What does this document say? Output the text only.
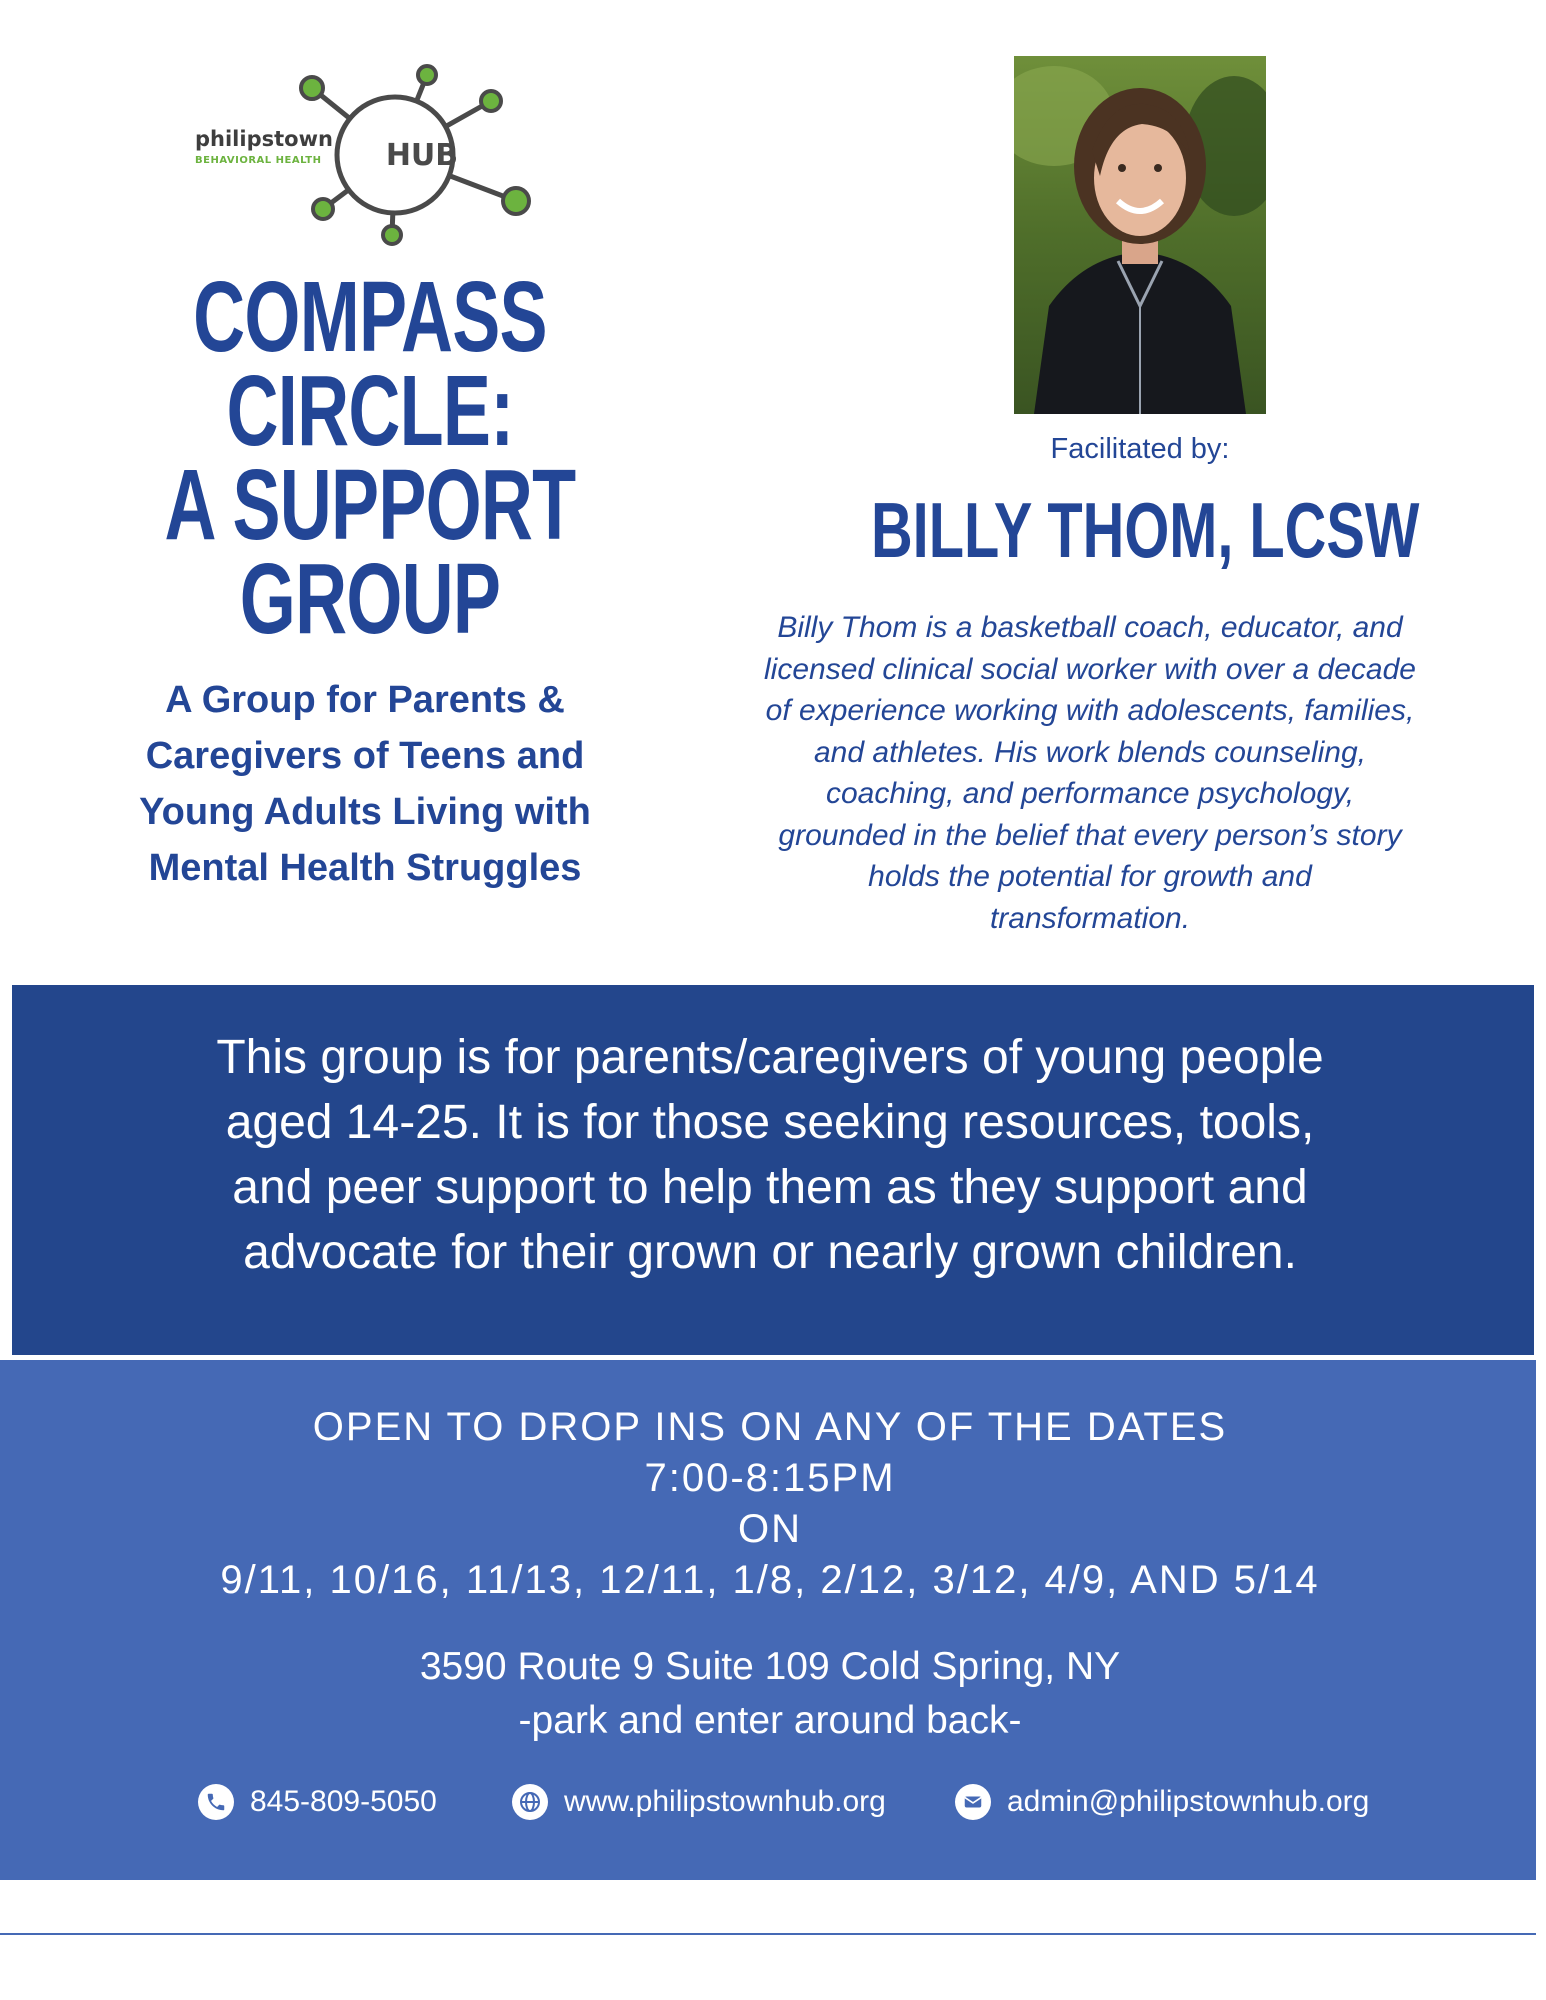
philipstown
BEHAVIORAL HEALTH	HUB
COMPASS
CIRCLE:
A SUPPORT
GROUP
A Group for Parents &
Caregivers of Teens and
Young Adults Living with
Mental Health Struggles
Facilitated by:
BILLY THOM, LCSW
Billy Thom is a basketball coach, educator, and
licensed clinical social worker with over a decade
of experience working with adolescents, families,
and athletes. His work blends counseling,
coaching, and performance psychology,
grounded in the belief that every person’s story
holds the potential for growth and
transformation.
This group is for parents/caregivers of young people
aged 14-25. It is for those seeking resources, tools,
and peer support to help them as they support and
advocate for their grown or nearly grown children.
OPEN TO DROP INS ON ANY OF THE DATES
7:00-8:15PM
ON
9/11, 10/16, 11/13, 12/11, 1/8, 2/12, 3/12, 4/9, AND 5/14
3590 Route 9 Suite 109 Cold Spring, NY
-park and enter around back-
845-809-5050	www.philipstownhub.org	admin@philipstownhub.org
